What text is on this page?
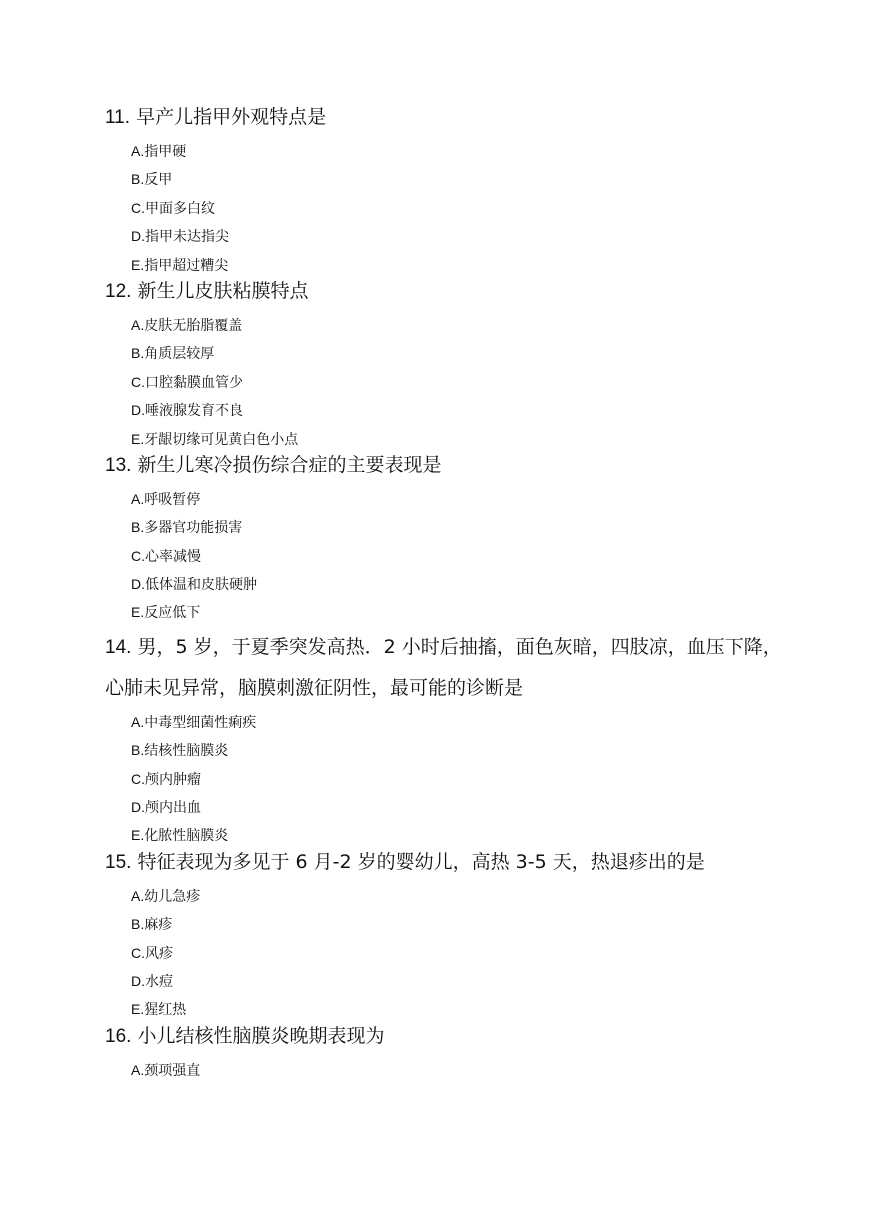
11. 早产儿指甲外观特点是

A.指甲硬
B.反甲
C.甲面多白纹
D.指甲未达指尖
E.指甲超过糟尖

12. 新生儿皮肤粘膜特点

A.皮肤无胎脂覆盖
B.角质层较厚
C.口腔黏膜血管少
D.唾液腺发育不良
E.牙龈切缘可见黄白色小点

13. 新生儿寒冷损伤综合症的主要表现是

A.呼吸暂停
B.多器官功能损害
C.心率减慢
D.低体温和皮肤硬肿
E.反应低下

14. 男，5 岁，于夏季突发高热．2 小时后抽搐，面色灰暗，四肢凉，血压下降，心肺未见异常，脑膜刺激征阴性，最可能的诊断是

A.中毒型细菌性痢疾
B.结核性脑膜炎
C.颅内肿瘤
D.颅内出血
E.化脓性脑膜炎

15. 特征表现为多见于 6 月-2 岁的婴幼儿，高热 3-5 天，热退疹出的是

A.幼儿急疹
B.麻疹
C.风疹
D.水痘
E.猩红热

16. 小儿结核性脑膜炎晚期表现为

A.颈项强直
